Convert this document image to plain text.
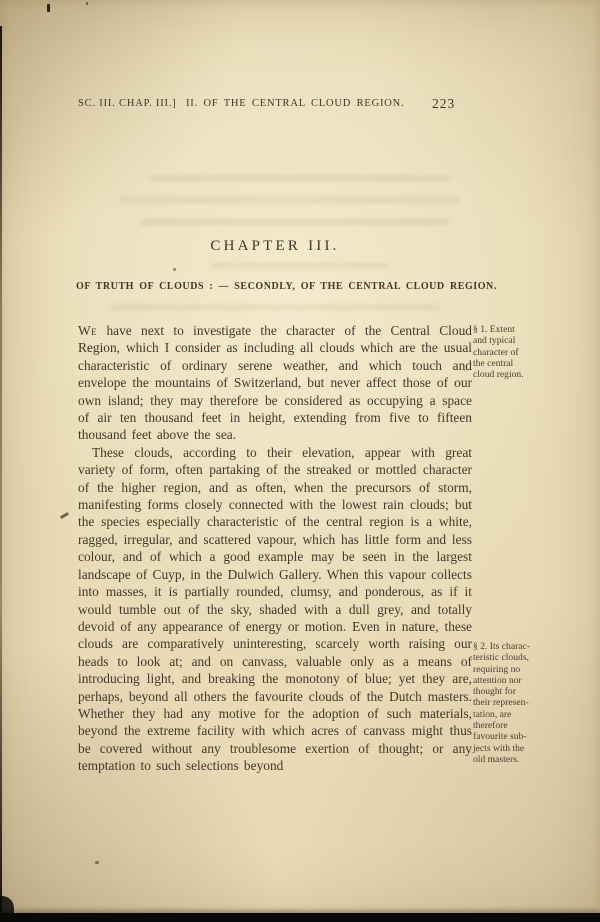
SC. III. CHAP. III.] II. OF THE CENTRAL CLOUD REGION. 223
CHAPTER III.
OF TRUTH OF CLOUDS : — SECONDLY, OF THE CENTRAL CLOUD REGION.

We have next to investigate the character of the Central Cloud Region, which I consider as including all clouds which are the usual characteristic of ordinary serene weather, and which touch and envelope the mountains of Switzerland, but never affect those of our own island; they may therefore be considered as occupying a space of air ten thousand feet in height, extending from five to fifteen thousand feet above the sea.

These clouds, according to their elevation, appear with great variety of form, often partaking of the streaked or mottled character of the higher region, and as often, when the precursors of storm, manifesting forms closely connected with the lowest rain clouds; but the species especially characteristic of the central region is a white, ragged, irregular, and scattered vapour, which has little form and less colour, and of which a good example may be seen in the largest landscape of Cuyp, in the Dulwich Gallery. When this vapour collects into masses, it is partially rounded, clumsy, and ponderous, as if it would tumble out of the sky, shaded with a dull grey, and totally devoid of any appearance of energy or motion. Even in nature, these clouds are comparatively uninteresting, scarcely worth raising our heads to look at; and on canvass, valuable only as a means of introducing light, and breaking the monotony of blue; yet they are, perhaps, beyond all others the favourite clouds of the Dutch masters. Whether they had any motive for the adoption of such materials, beyond the extreme facility with which acres of canvass might thus be covered without any troublesome exertion of thought; or any temptation to such selections beyond

§ 1. Extent
and typical
character of
the central
cloud region.
§ 2. Its charac-
teristic clouds,
requiring no
attention nor
thought for
their represen-
tation, are
therefore
favourite sub-
jects with the
old masters.
